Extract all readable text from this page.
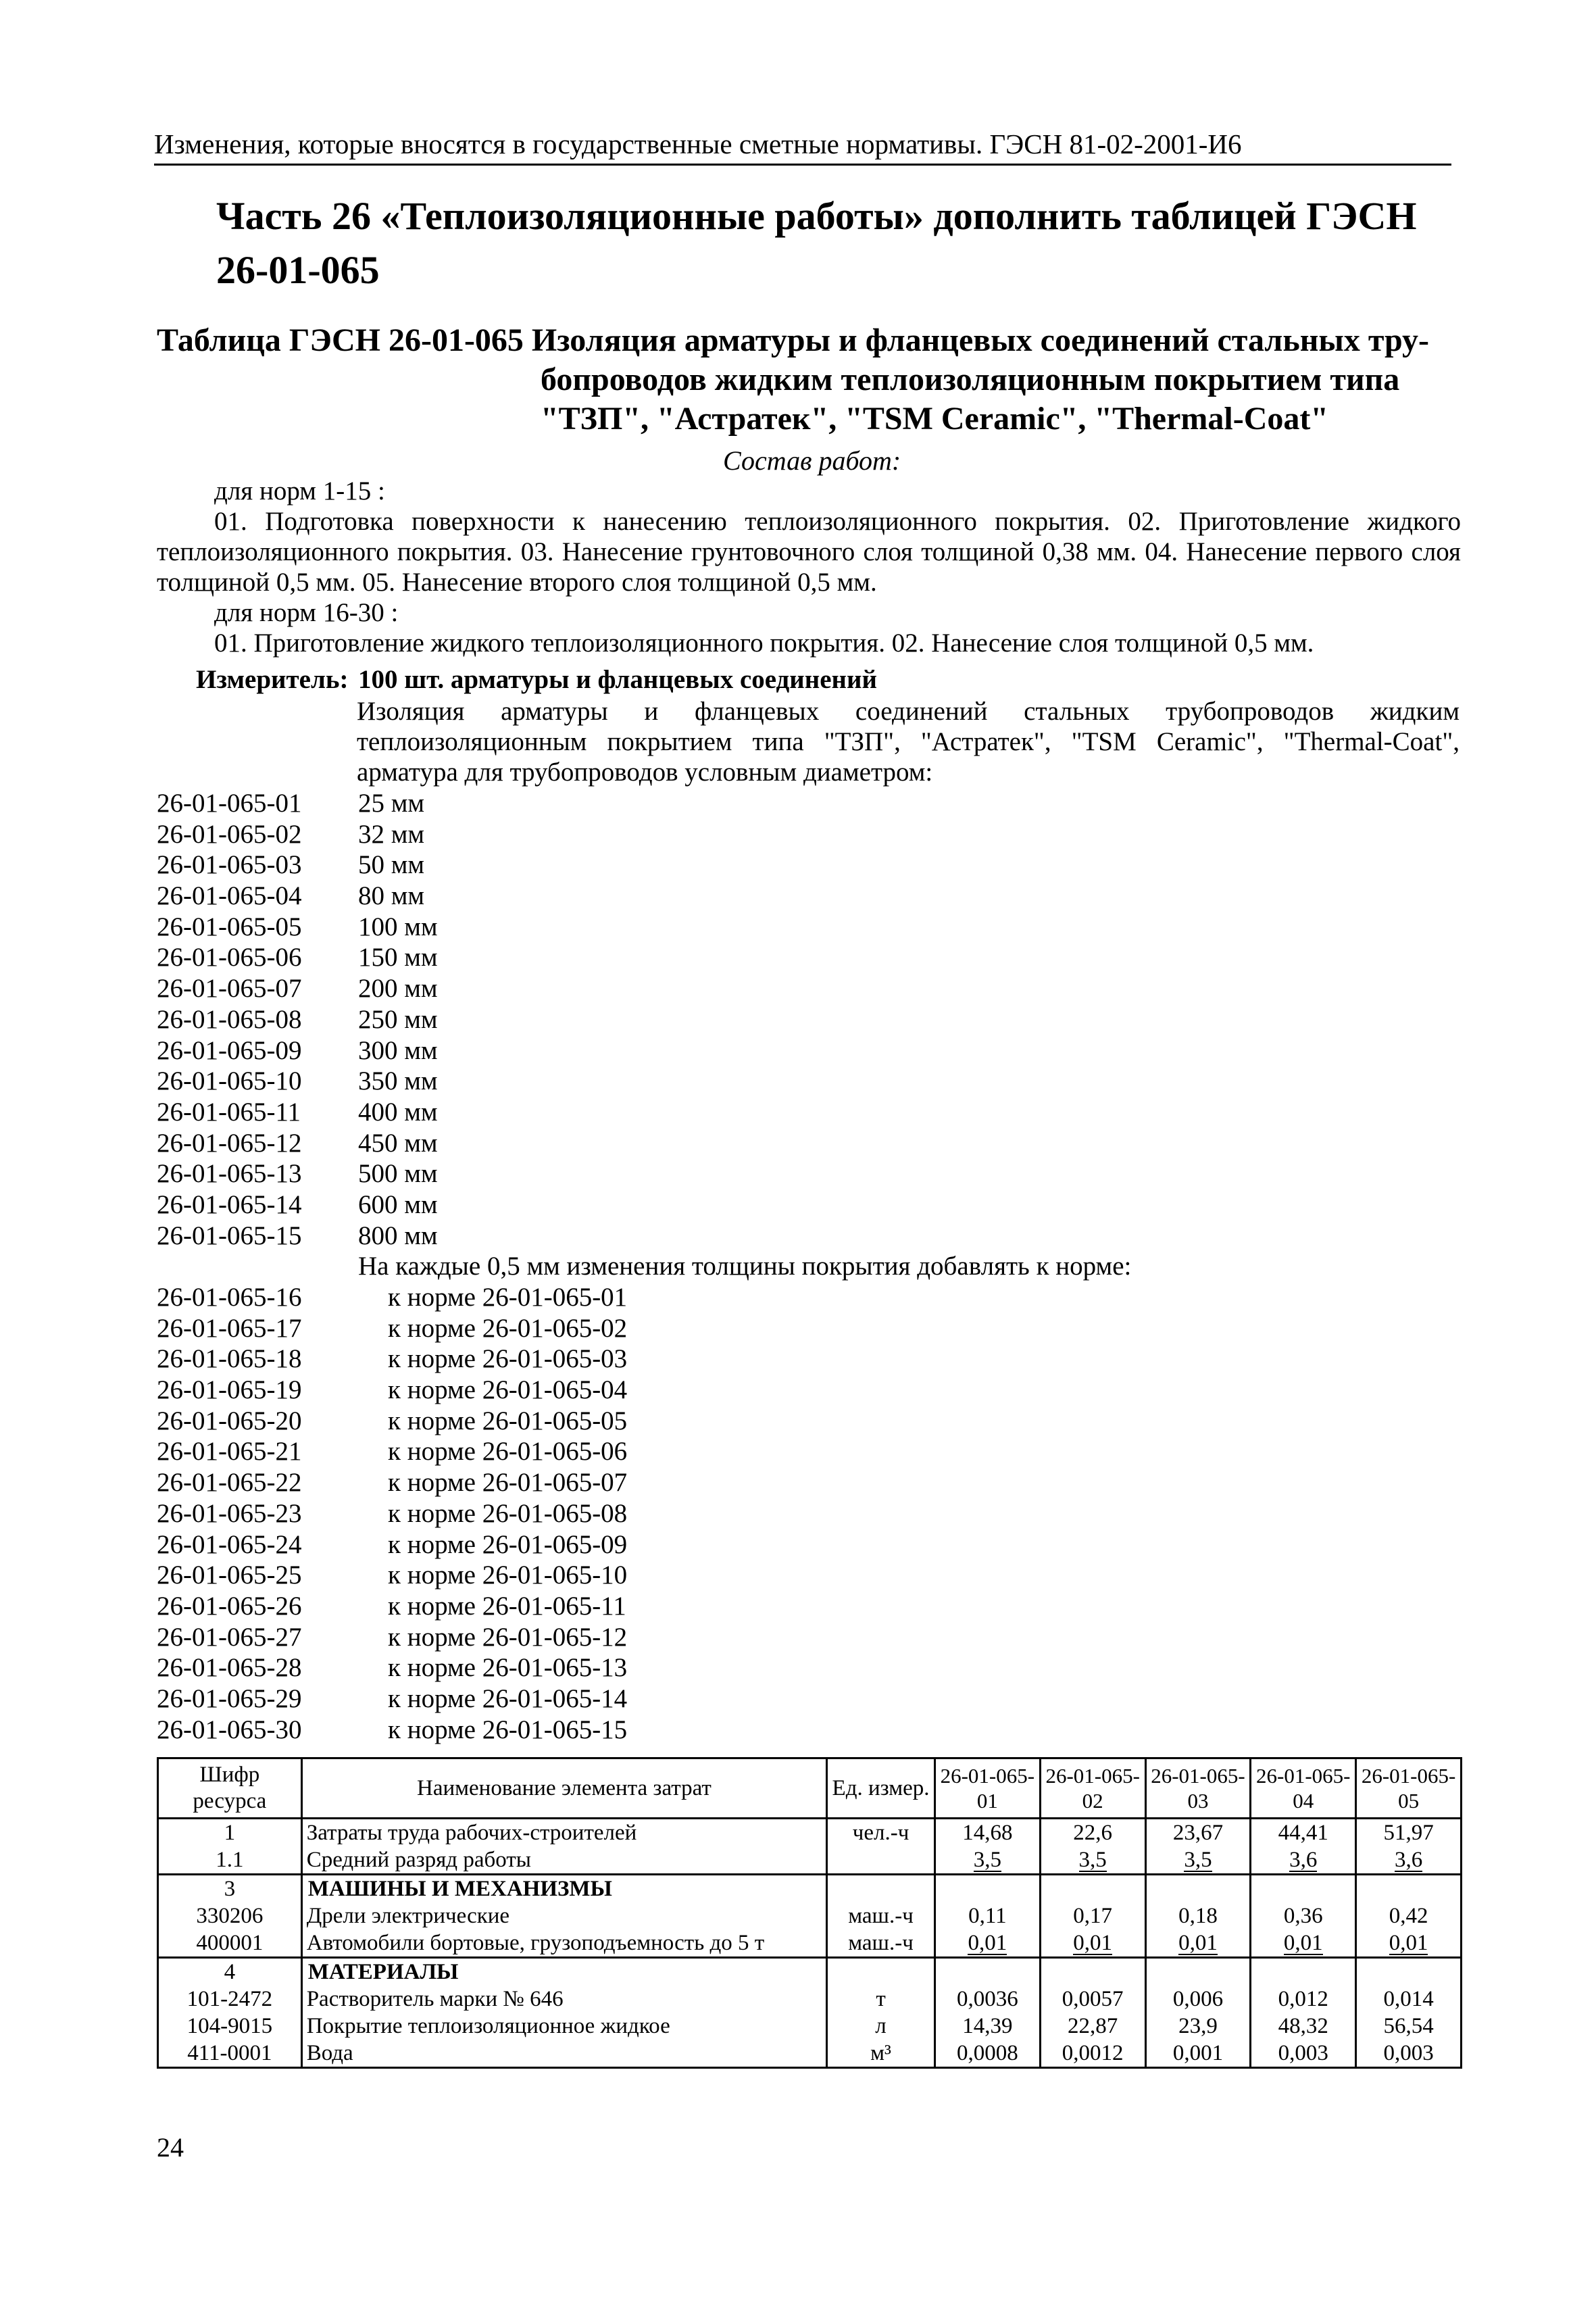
Изменения, которые вносятся в государственные сметные нормативы. ГЭСН 81-02-2001-И6
Часть 26 «Теплоизоляционные работы» дополнить таблицей ГЭСН 26-01-065
Таблица ГЭСН 26-01-065 Изоляция арматуры и фланцевых соединений стальных тру-
бопроводов жидким теплоизоляционным покрытием типа
"ТЗП", "Астратек", "TSM Ceramic", "Thermal-Coat"
Состав работ:

для норм 1-15 :

01. Подготовка поверхности к нанесению теплоизоляционного покрытия. 02. Приготовление жидкого теплоизоляционного покрытия. 03. Нанесение грунтовочного слоя толщиной 0,38 мм. 04. Нанесение первого слоя толщиной 0,5 мм. 05. Нанесение второго слоя толщиной 0,5 мм.

для норм 16-30 :

01. Приготовление жидкого теплоизоляционного покрытия. 02. Нанесение слоя толщиной 0,5 мм.

Измеритель: 100 шт. арматуры и фланцевых соединений
Изоляция арматуры и фланцевых соединений стальных трубопроводов жидким теплоизоляционным покрытием типа "ТЗП", "Астратек", "TSM Ceramic", "Thermal-Coat", арматура для трубопроводов условным диаметром:
26-01-065-01	25 мм
26-01-065-02	32 мм
26-01-065-03	50 мм
26-01-065-04	80 мм
26-01-065-05	100 мм
26-01-065-06	150 мм
26-01-065-07	200 мм
26-01-065-08	250 мм
26-01-065-09	300 мм
26-01-065-10	350 мм
26-01-065-11	400 мм
26-01-065-12	450 мм
26-01-065-13	500 мм
26-01-065-14	600 мм
26-01-065-15	800 мм
На каждые 0,5 мм изменения толщины покрытия добавлять к норме:
26-01-065-16	к норме 26-01-065-01
26-01-065-17	к норме 26-01-065-02
26-01-065-18	к норме 26-01-065-03
26-01-065-19	к норме 26-01-065-04
26-01-065-20	к норме 26-01-065-05
26-01-065-21	к норме 26-01-065-06
26-01-065-22	к норме 26-01-065-07
26-01-065-23	к норме 26-01-065-08
26-01-065-24	к норме 26-01-065-09
26-01-065-25	к норме 26-01-065-10
26-01-065-26	к норме 26-01-065-11
26-01-065-27	к норме 26-01-065-12
26-01-065-28	к норме 26-01-065-13
26-01-065-29	к норме 26-01-065-14
26-01-065-30	к норме 26-01-065-15
Шифр ресурса	Наименование элемента затрат	Ед. измер.	26-01-065-01	26-01-065-02	26-01-065-03	26-01-065-04	26-01-065-05
1	Затраты труда рабочих-строителей	чел.-ч	14,68	22,6	23,67	44,41	51,97
1.1	Средний разряд работы		3,5	3,5	3,5	3,6	3,6
3	МАШИНЫ И МЕХАНИЗМЫ						
330206	Дрели электрические	маш.-ч	0,11	0,17	0,18	0,36	0,42
400001	Автомобили бортовые, грузоподъемность до 5 т	маш.-ч	0,01	0,01	0,01	0,01	0,01
4	МАТЕРИАЛЫ						
101-2472	Растворитель марки № 646	т	0,0036	0,0057	0,006	0,012	0,014
104-9015	Покрытие теплоизоляционное жидкое	л	14,39	22,87	23,9	48,32	56,54
411-0001	Вода	м³	0,0008	0,0012	0,001	0,003	0,003
24
